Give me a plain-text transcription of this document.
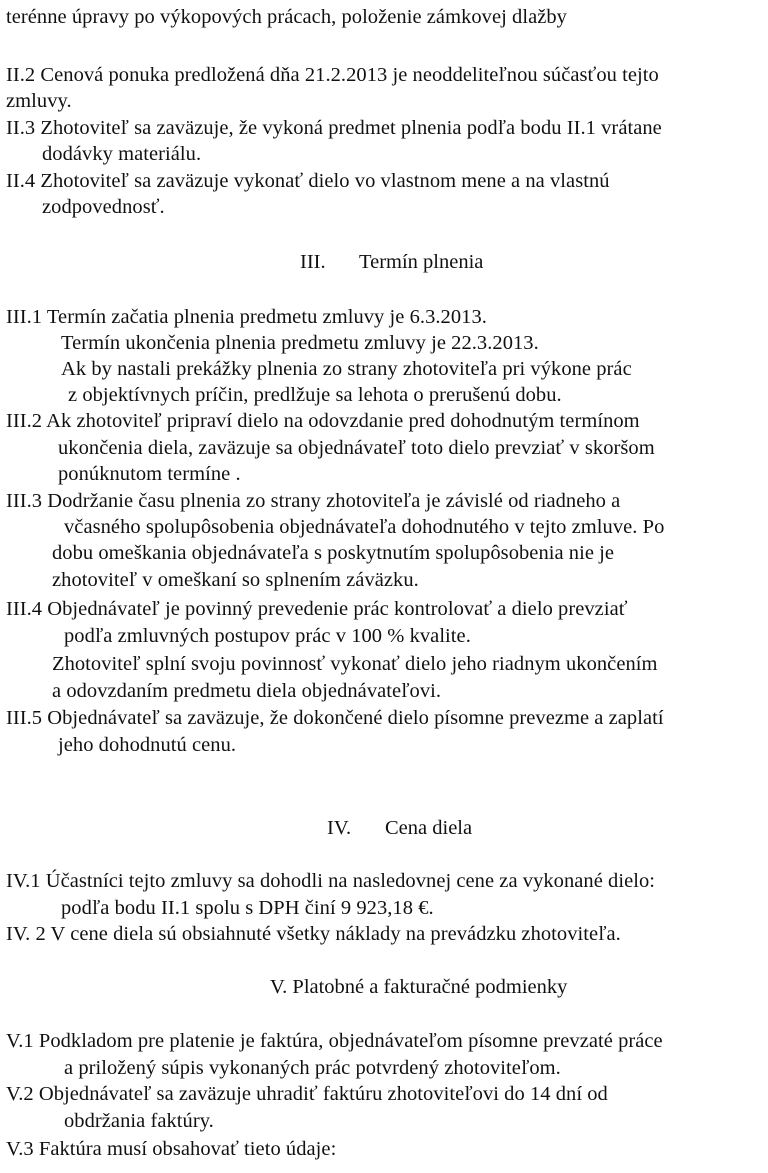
terénne úpravy po výkopových prácach, položenie zámkovej dlažby
II.2 Cenová ponuka predložená dňa 21.2.2013 je neoddeliteľnou súčasťou tejto
zmluvy.
II.3 Zhotoviteľ sa zaväzuje, že vykoná predmet plnenia podľa bodu II.1 vrátane
dodávky materiálu.
II.4 Zhotoviteľ sa zaväzuje vykonať dielo vo vlastnom mene a na vlastnú
zodpovednosť.
III. Termín plnenia
III.1 Termín začatia plnenia predmetu zmluvy je 6.3.2013.
Termín ukončenia plnenia predmetu zmluvy je 22.3.2013.
Ak by nastali prekážky plnenia zo strany zhotoviteľa pri výkone prác
z objektívnych príčin, predlžuje sa lehota o prerušenú dobu.
III.2 Ak zhotoviteľ pripraví dielo na odovzdanie pred dohodnutým termínom
ukončenia diela, zaväzuje sa objednávateľ toto dielo prevziať v skoršom
ponúknutom termíne .
III.3 Dodržanie času plnenia zo strany zhotoviteľa je závislé od riadneho a
včasného spolupôsobenia objednávateľa dohodnutého v tejto zmluve. Po
dobu omeškania objednávateľa s poskytnutím spolupôsobenia nie je
zhotoviteľ v omeškaní so splnením záväzku.
III.4 Objednávateľ je povinný prevedenie prác kontrolovať a dielo prevziať
podľa zmluvných postupov prác v 100 % kvalite.
Zhotoviteľ splní svoju povinnosť vykonať dielo jeho riadnym ukončením
a odovzdaním predmetu diela objednávateľovi.
III.5 Objednávateľ sa zaväzuje, že dokončené dielo písomne prevezme a zaplatí
jeho dohodnutú cenu.
IV. Cena diela
IV.1 Účastníci tejto zmluvy sa dohodli na nasledovnej cene za vykonané dielo:
podľa bodu II.1 spolu s DPH činí 9 923,18 €.
IV. 2 V cene diela sú obsiahnuté všetky náklady na prevádzku zhotoviteľa.
V. Platobné a fakturačné podmienky
V.1 Podkladom pre platenie je faktúra, objednávateľom písomne prevzaté práce
a priložený súpis vykonaných prác potvrdený zhotoviteľom.
V.2 Objednávateľ sa zaväzuje uhradiť faktúru zhotoviteľovi do 14 dní od
obdržania faktúry.
V.3 Faktúra musí obsahovať tieto údaje:
